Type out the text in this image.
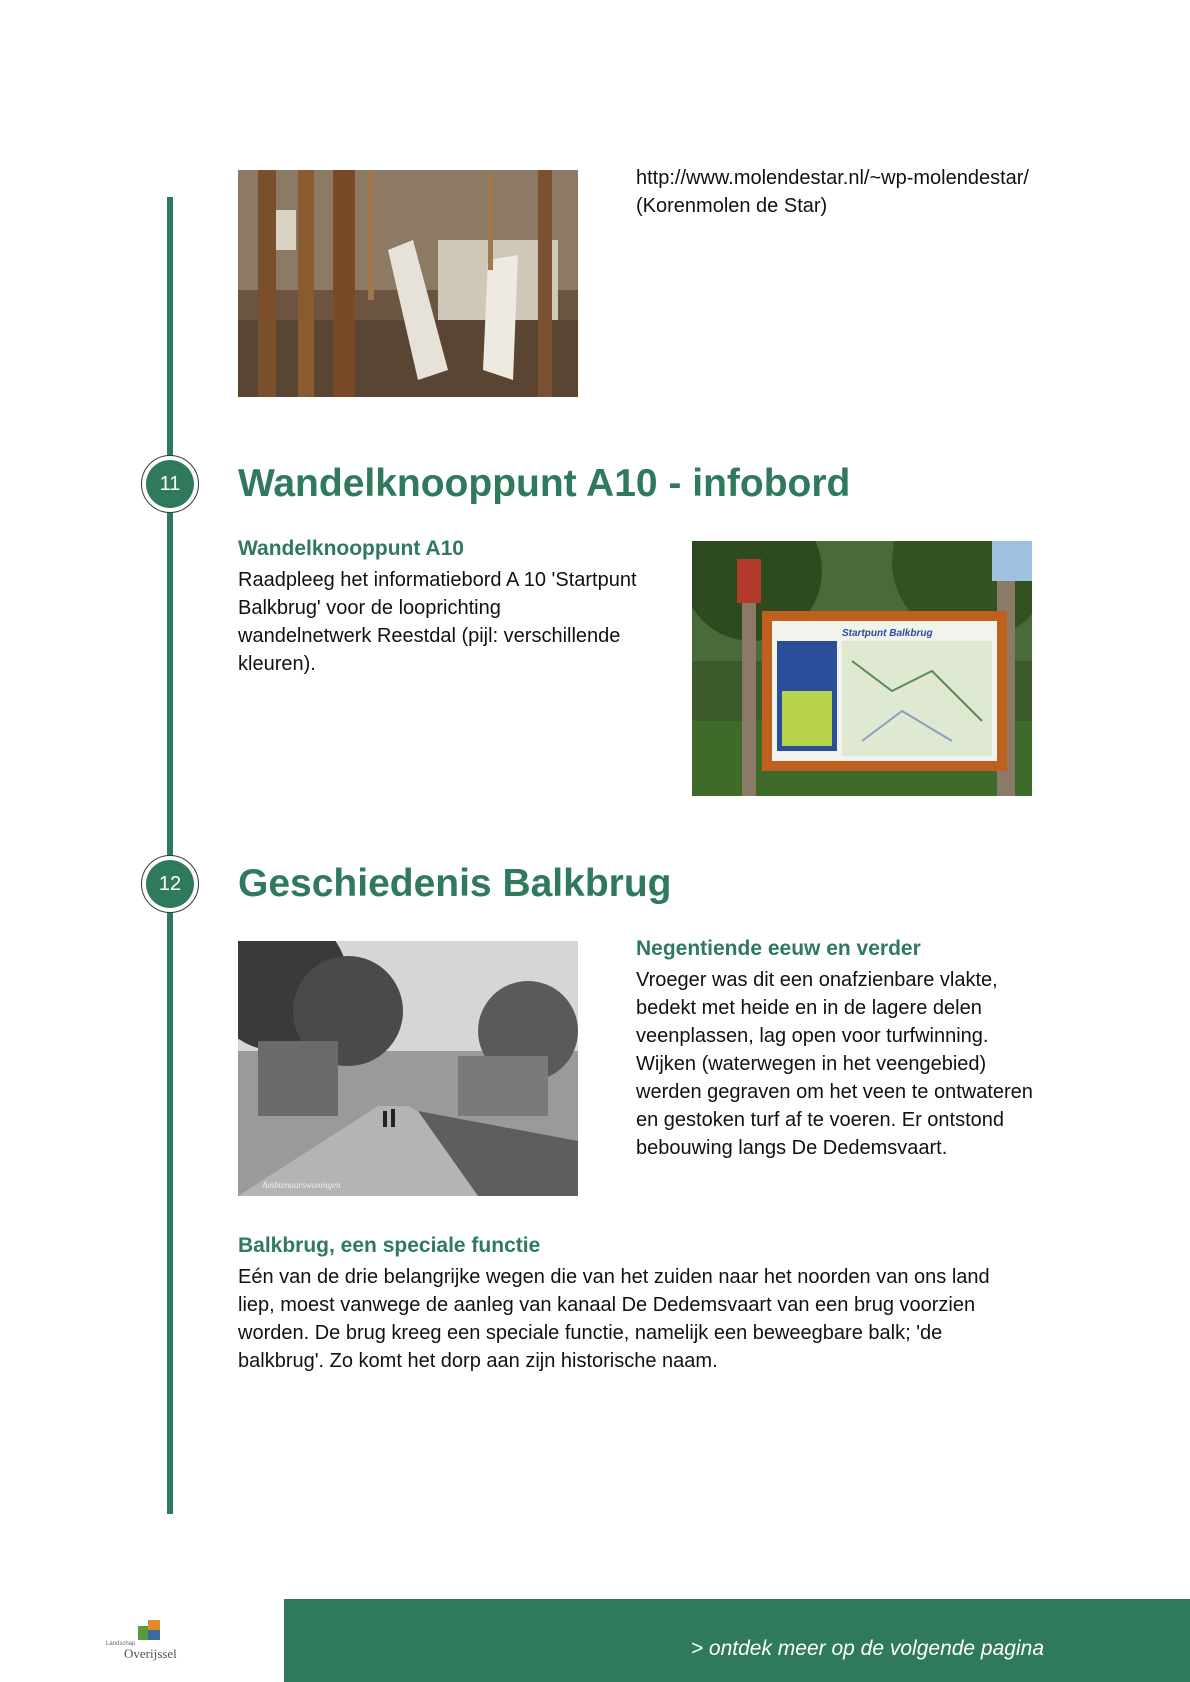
http://www.molendestar.nl/~wp-molendestar/
(Korenmolen de Star)
11	Wandelknooppunt A10 - infobord
Wandelknooppunt A10
Raadpleeg het informatiebord A 10 'Startpunt Balkbrug' voor de looprichting wandelnetwerk Reestdal (pijl: verschillende kleuren).
Startpunt Balkbrug
12	Geschiedenis Balkbrug
Ambtenaarswoningen
Negentiende eeuw en verder
Vroeger was dit een onafzienbare vlakte, bedekt met heide en in de lagere delen veenplassen, lag open voor turfwinning. Wijken (waterwegen in het veengebied) werden gegraven om het veen te ontwateren en gestoken turf af te voeren. Er ontstond bebouwing langs De Dedemsvaart.
Balkbrug, een speciale functie
Eén van de drie belangrijke wegen die van het zuiden naar het noorden van ons land liep, moest vanwege de aanleg van kanaal De Dedemsvaart van een brug voorzien worden. De brug kreeg een speciale functie, namelijk een beweegbare balk; 'de balkbrug'. Zo komt het dorp aan zijn historische naam.
Landschap
Overijssel	> ontdek meer op de volgende pagina
